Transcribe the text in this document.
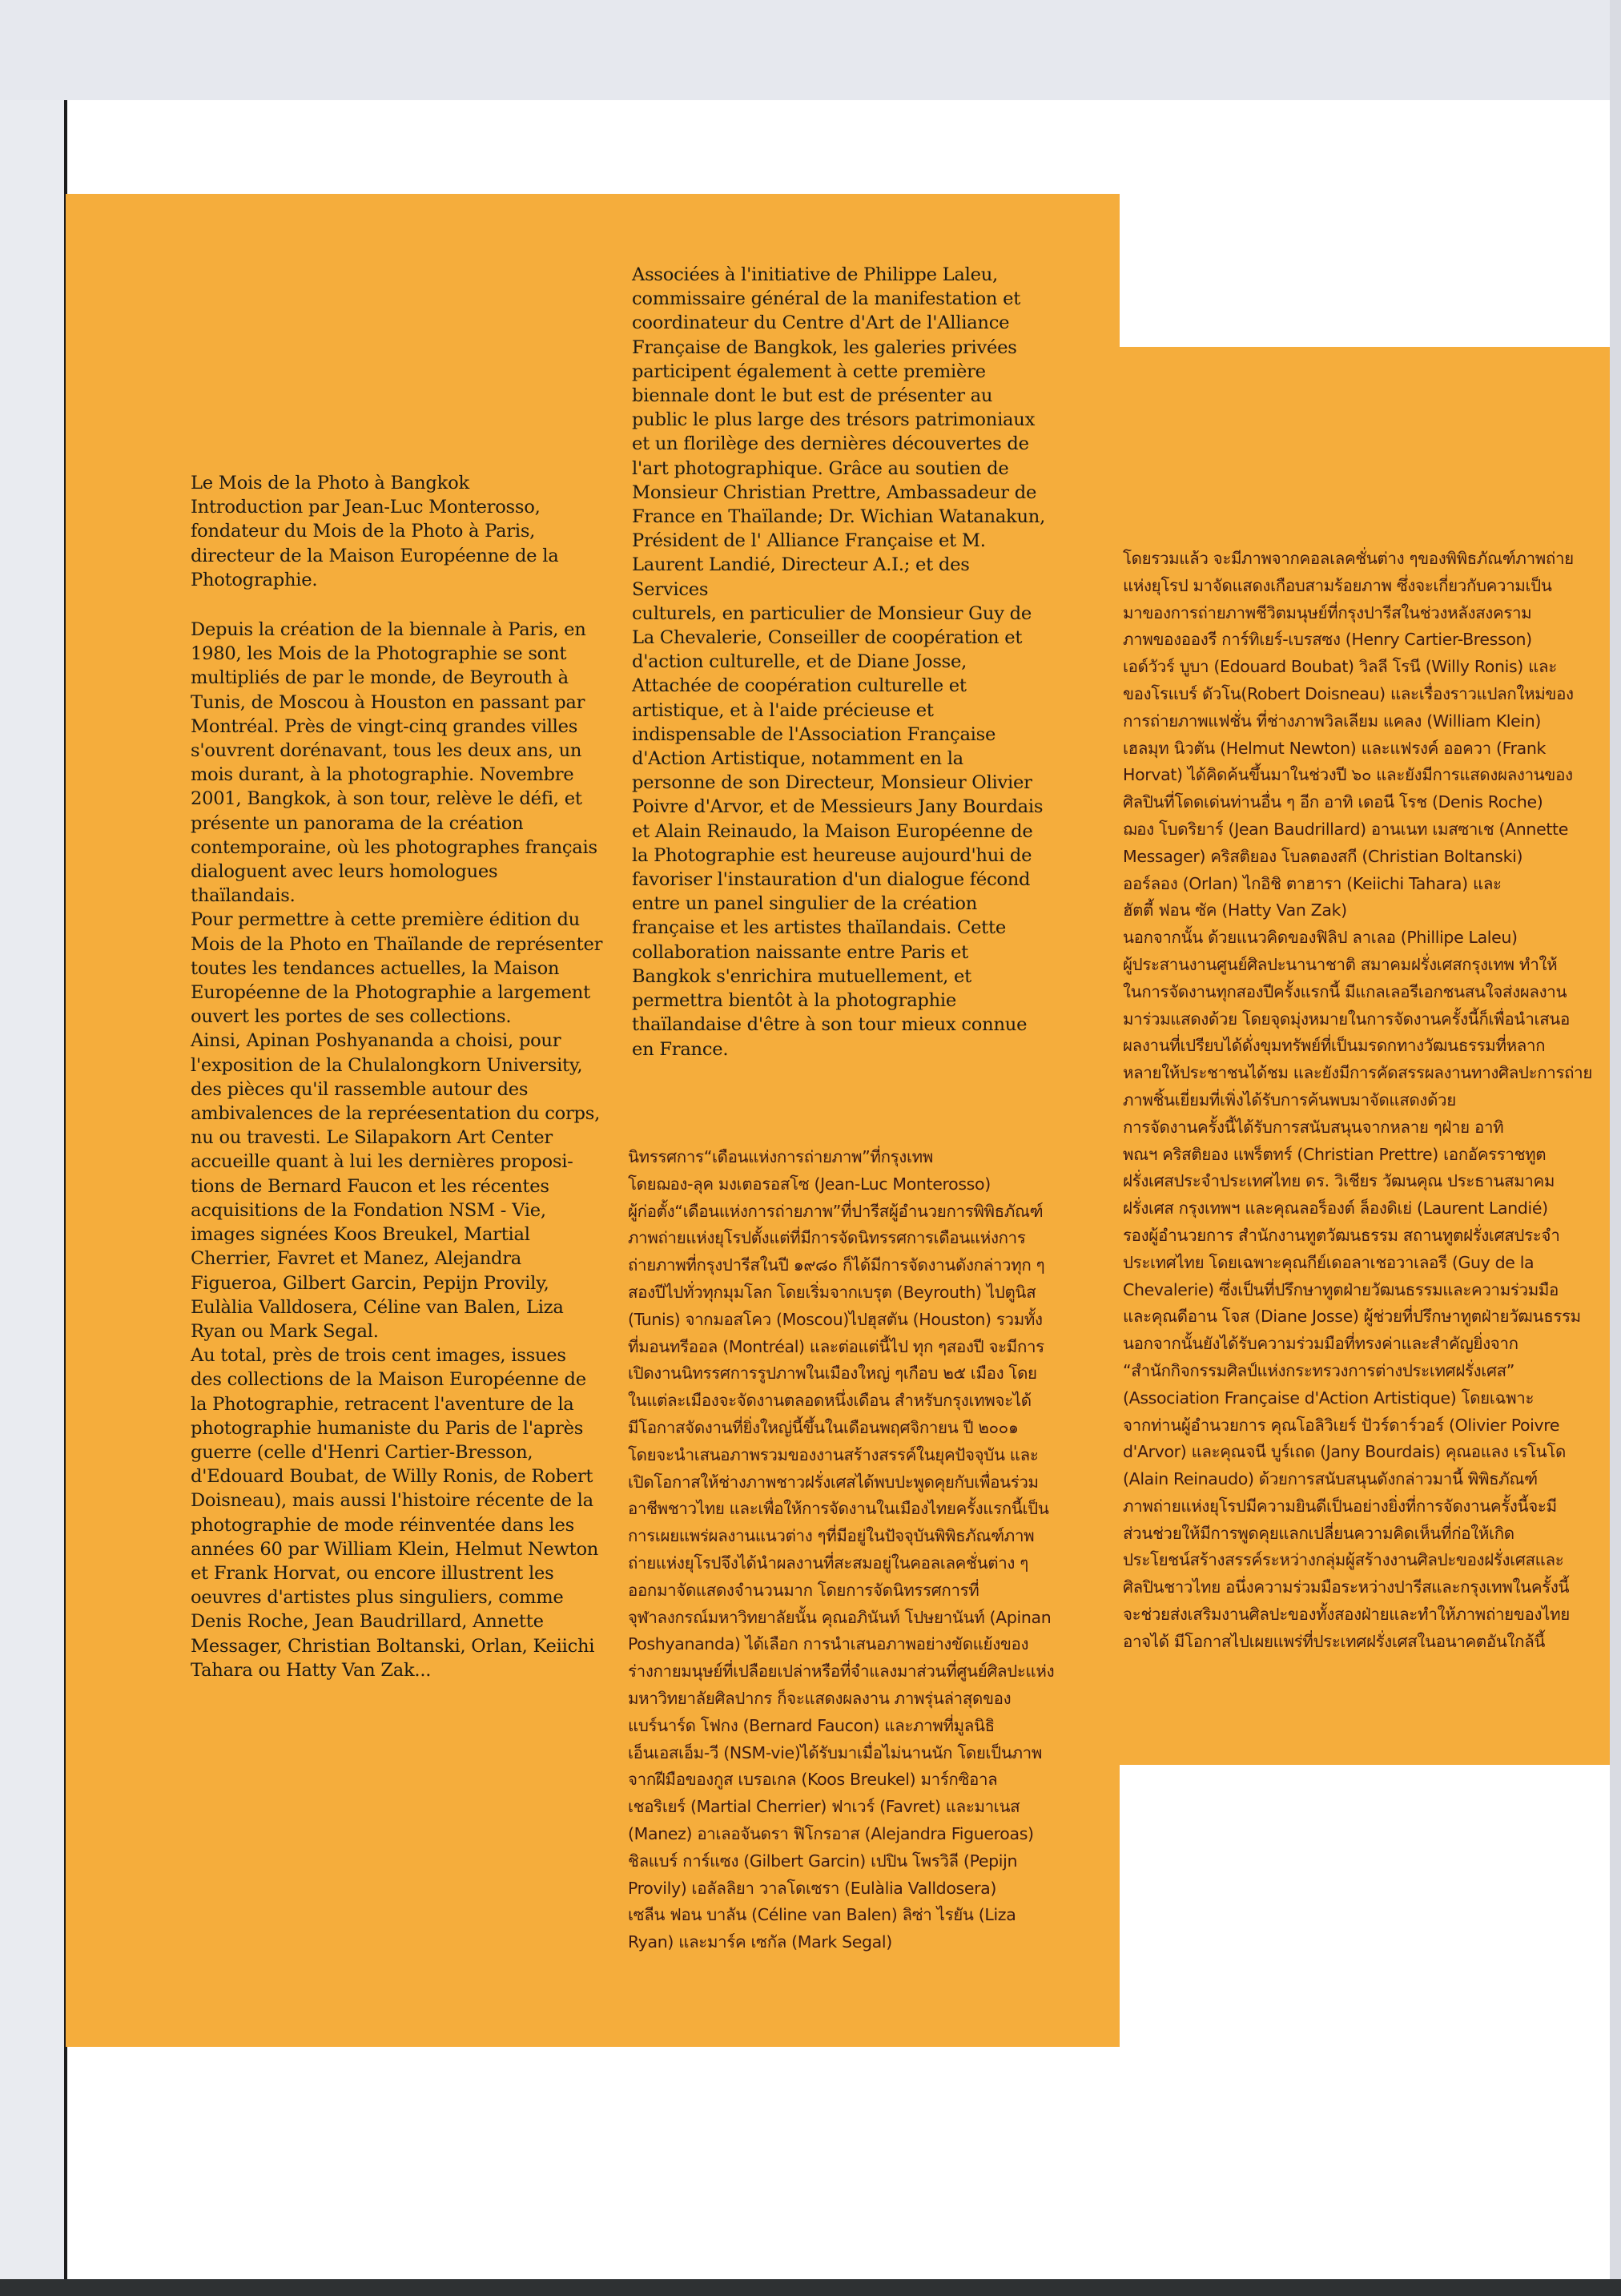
Le Mois de la Photo à Bangkok
Introduction par Jean-Luc Monterosso,
fondateur du Mois de la Photo à Paris,
directeur de la Maison Européenne de la
Photographie.

Depuis la création de la biennale à Paris, en
1980, les Mois de la Photographie se sont
multipliés de par le monde, de Beyrouth à
Tunis, de Moscou à Houston en passant par
Montréal. Près de vingt-cinq grandes villes
s'ouvrent dorénavant, tous les deux ans, un
mois durant, à la photographie. Novembre
2001, Bangkok, à son tour, relève le défi, et
présente un panorama de la création
contemporaine, où les photographes français
dialoguent avec leurs homologues
thaïlandais.

Pour permettre à cette première édition du
Mois de la Photo en Thaïlande de représenter
toutes les tendances actuelles, la Maison
Européenne de la Photographie a largement
ouvert les portes de ses collections.

Ainsi, Apinan Poshyananda a choisi, pour
l'exposition de la Chulalongkorn University,
des pièces qu'il rassemble autour des
ambivalences de la repréesentation du corps,
nu ou travesti. Le Silapakorn Art Center
accueille quant à lui les dernières proposi-
tions de Bernard Faucon et les récentes
acquisitions de la Fondation NSM - Vie,
images signées Koos Breukel, Martial
Cherrier, Favret et Manez, Alejandra
Figueroa, Gilbert Garcin, Pepijn Provily,
Eulàlia Valldosera, Céline van Balen, Liza
Ryan ou Mark Segal.

Au total, près de trois cent images, issues
des collections de la Maison Européenne de
la Photographie, retracent l'aventure de la
photographie humaniste du Paris de l'après
guerre (celle d'Henri Cartier-Bresson,
d'Edouard Boubat, de Willy Ronis, de Robert
Doisneau), mais aussi l'histoire récente de la
photographie de mode réinventée dans les
années 60 par William Klein, Helmut Newton
et Frank Horvat, ou encore illustrent les
oeuvres d'artistes plus singuliers, comme
Denis Roche, Jean Baudrillard, Annette
Messager, Christian Boltanski, Orlan, Keiichi
Tahara ou Hatty Van Zak...

Associées à l'initiative de Philippe Laleu,
commissaire général de la manifestation et
coordinateur du Centre d'Art de l'Alliance
Française de Bangkok, les galeries privées
participent également à cette première
biennale dont le but est de présenter au
public le plus large des trésors patrimoniaux
et un florilège des dernières découvertes de
l'art photographique. Grâce au soutien de
Monsieur Christian Prettre, Ambassadeur de
France en Thaïlande; Dr. Wichian Watanakun,
Président de l' Alliance Française et M.
Laurent Landié, Directeur A.I.; et des Services
culturels, en particulier de Monsieur Guy de
La Chevalerie, Conseiller de coopération et
d'action culturelle, et de Diane Josse,
Attachée de coopération culturelle et
artistique, et à l'aide précieuse et
indispensable de l'Association Française
d'Action Artistique, notamment en la
personne de son Directeur, Monsieur Olivier
Poivre d'Arvor, et de Messieurs Jany Bourdais
et Alain Reinaudo, la Maison Européenne de
la Photographie est heureuse aujourd'hui de
favoriser l'instauration d'un dialogue fécond
entre un panel singulier de la création
française et les artistes thaïlandais. Cette
collaboration naissante entre Paris et
Bangkok s'enrichira mutuellement, et
permettra bientôt à la photographie
thaïlandaise d'être à son tour mieux connue
en France.

นิทรรศการ“เดือนแห่งการถ่ายภาพ”ที่กรุงเทพ
โดยฌอง-ลุค มงเตอรอสโซ (Jean-Luc Monterosso)
ผู้ก่อตั้ง“เดือนแห่งการถ่ายภาพ”ที่ปารีสผู้อำนวยการพิพิธภัณฑ์
ภาพถ่ายแห่งยุโรปตั้งแต่ที่มีการจัดนิทรรศการเดือนแห่งการ
ถ่ายภาพที่กรุงปารีสในปี ๑๙๘๐ ก็ได้มีการจัดงานดังกล่าวทุก ๆ
สองปีไปทั่วทุกมุมโลก โดยเริ่มจากเบรุต (Beyrouth) ไปตูนิส
(Tunis) จากมอสโคว (Moscou)ไปฮุสตัน (Houston) รวมทั้ง
ที่มอนทรีออล (Montréal) และต่อแต่นี้ไป ทุก ๆสองปี จะมีการ
เปิดงานนิทรรศการรูปภาพในเมืองใหญ่ ๆเกือบ ๒๕ เมือง โดย
ในแต่ละเมืองจะจัดงานตลอดหนึ่งเดือน สำหรับกรุงเทพจะได้
มีโอกาสจัดงานที่ยิ่งใหญ่นี้ขึ้นในเดือนพฤศจิกายน ปี ๒๐๐๑
โดยจะนำเสนอภาพรวมของงานสร้างสรรค์ในยุคปัจจุบัน และ
เปิดโอกาสให้ช่างภาพชาวฝรั่งเศสได้พบปะพูดคุยกับเพื่อนร่วม
อาชีพชาวไทย และเพื่อให้การจัดงานในเมืองไทยครั้งแรกนี้เป็น
การเผยแพร่ผลงานแนวต่าง ๆที่มีอยู่ในปัจจุบันพิพิธภัณฑ์ภาพ
ถ่ายแห่งยุโรปจึงได้นำผลงานที่สะสมอยู่ในคอลเลคชั่นต่าง ๆ
ออกมาจัดแสดงจำนวนมาก โดยการจัดนิทรรศการที่
จุฬาลงกรณ์มหาวิทยาลัยนั้น คุณอภินันท์ โปษยานันท์ (Apinan
Poshyananda) ได้เลือก การนำเสนอภาพอย่างขัดแย้งของ
ร่างกายมนุษย์ที่เปลือยเปล่าหรือที่จำแลงมาส่วนที่ศูนย์ศิลปะแห่ง
มหาวิทยาลัยศิลปากร ก็จะแสดงผลงาน ภาพรุ่นล่าสุดของ
แบร์นาร์ด โฟกง (Bernard Faucon) และภาพที่มูลนิธิ
เอ็นเอสเอ็ม-วี (NSM-vie)ได้รับมาเมื่อไม่นานนัก โดยเป็นภาพ
จากฝีมือของกูส เบรอเกล (Koos Breukel) มาร์กซิอาล
เชอริเยร์ (Martial Cherrier) ฟาเวร์ (Favret) และมาเนส
(Manez) อาเลอจันดรา ฟิโกรอาส (Alejandra Figueroas)
ชิลแบร์ การ์แซง (Gilbert Garcin) เปปิน โพรวิลี (Pepijn
Provily) เอลัลลิยา วาลโดเซรา (Eulàlia Valldosera)
เซลีน ฟอน บาลัน (Céline van Balen) ลิซ่า ไรยัน (Liza
Ryan) และมาร์ค เซกัล (Mark Segal)

โดยรวมแล้ว จะมีภาพจากคอลเลคชั่นต่าง ๆของพิพิธภัณฑ์ภาพถ่าย
แห่งยุโรป มาจัดแสดงเกือบสามร้อยภาพ ซึ่งจะเกี่ยวกับความเป็น
มาของการถ่ายภาพชีวิตมนุษย์ที่กรุงปารีสในช่วงหลังสงคราม
ภาพของอองรี การ์ทิเยร์-เบรสซง (Henry Cartier-Bresson)
เอด์วัวร์ บูบา (Edouard Boubat) วิลลี โรนี (Willy Ronis) และ
ของโรแบร์ ดัวโน(Robert Doisneau) และเรื่องราวแปลกใหม่ของ
การถ่ายภาพแฟชั่น ที่ช่างภาพวิลเลียม แคลง (William Klein)
เฮลมุท นิวตัน (Helmut Newton) และแฟรงค์ ออควา (Frank
Horvat) ได้คิดค้นขึ้นมาในช่วงปี ๖๐ และยังมีการแสดงผลงานของ
ศิลปินที่โดดเด่นท่านอื่น ๆ อีก อาทิ เดอนี โรช (Denis Roche)
ฌอง โบดริยาร์ (Jean Baudrillard) อานเนท เมสซาเช (Annette
Messager) คริสติยอง โบลตองสกี (Christian Boltanski)
ออร์ลอง (Orlan) ไกอิชิ ตาฮารา (Keiichi Tahara) และ
ฮัตตี้ ฟอน ซัค (Hatty Van Zak)
นอกจากนั้น ด้วยแนวคิดของฟิลิป ลาเลอ (Phillipe Laleu)
ผู้ประสานงานศูนย์ศิลปะนานาชาติ สมาคมฝรั่งเศสกรุงเทพ ทำให้
ในการจัดงานทุกสองปีครั้งแรกนี้ มีแกลเลอรีเอกชนสนใจส่งผลงาน
มาร่วมแสดงด้วย โดยจุดมุ่งหมายในการจัดงานครั้งนี้ก็เพื่อนำเสนอ
ผลงานที่เปรียบได้ดั่งขุมทรัพย์ที่เป็นมรดกทางวัฒนธรรมที่หลาก
หลายให้ประชาชนได้ชม และยังมีการคัดสรรผลงานทางศิลปะการถ่าย
ภาพชิ้นเยี่ยมที่เพิ่งได้รับการค้นพบมาจัดแสดงด้วย
การจัดงานครั้งนี้ได้รับการสนับสนุนจากหลาย ๆฝ่าย อาทิ
พณฯ คริสติยอง แพร็ตทร์ (Christian Prettre) เอกอัครราชทูต
ฝรั่งเศสประจำประเทศไทย ดร. วิเชียร วัฒนคุณ ประธานสมาคม
ฝรั่งเศส กรุงเทพฯ และคุณลอร็องต์ ล็องดิเย่ (Laurent Landié)
รองผู้อำนวยการ สำนักงานทูตวัฒนธรรม สถานทูตฝรั่งเศสประจำ
ประเทศไทย โดยเฉพาะคุณกีย์เดอลาเชอวาเลอรี (Guy de la
Chevalerie) ซึ่งเป็นที่ปรึกษาทูตฝ่ายวัฒนธรรมและความร่วมมือ
และคุณดีอาน โจส (Diane Josse) ผู้ช่วยที่ปรึกษาทูตฝ่ายวัฒนธรรม
นอกจากนั้นยังได้รับความร่วมมือที่ทรงค่าและสำคัญยิ่งจาก
“สำนักกิจกรรมศิลป์แห่งกระทรวงการต่างประเทศฝรั่งเศส”
(Association Française d'Action Artistique) โดยเฉพาะ
จากท่านผู้อำนวยการ คุณโอลิวิเยร์ ปัวร์ดาร์วอร์ (Olivier Poivre
d'Arvor) และคุณจนี บูร์เถด (Jany Bourdais) คุณอแลง เรโนโด
(Alain Reinaudo) ด้วยการสนับสนุนดังกล่าวมานี้ พิพิธภัณฑ์
ภาพถ่ายแห่งยุโรปมีความยินดีเป็นอย่างยิ่งที่การจัดงานครั้งนี้จะมี
ส่วนช่วยให้มีการพูดคุยแลกเปลี่ยนความคิดเห็นที่ก่อให้เกิด
ประโยชน์สร้างสรรค์ระหว่างกลุ่มผู้สร้างงานศิลปะของฝรั่งเศสและ
ศิลปินชาวไทย อนึ่งความร่วมมือระหว่างปารีสและกรุงเทพในครั้งนี้
จะช่วยส่งเสริมงานศิลปะของทั้งสองฝ่ายและทำให้ภาพถ่ายของไทย
อาจได้ มีโอกาสไปเผยแพร่ที่ประเทศฝรั่งเศสในอนาคตอันใกล้นี้
